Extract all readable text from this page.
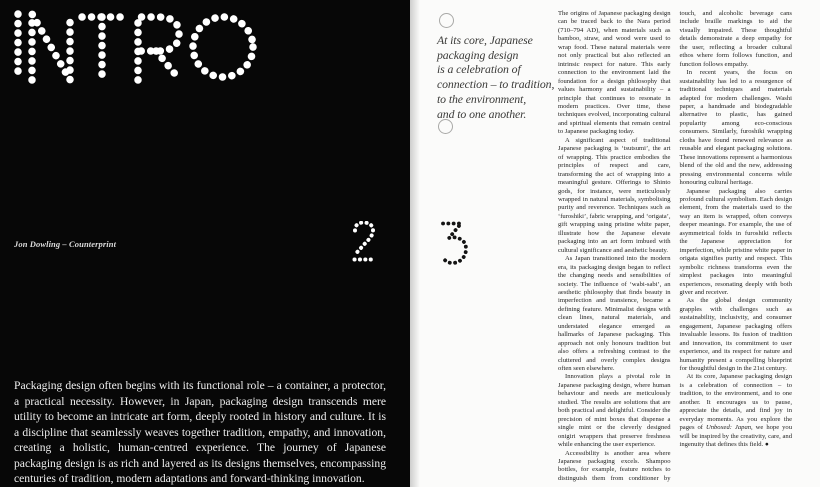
Jon Dowling – Counterprint
Packaging design often begins with its functional role – a container, a protector, a practical necessity. However, in Japan, packaging design transcends mere utility to become an intricate art form, deeply rooted in history and culture. It is a discipline that seamlessly weaves together tradition, empathy, and innovation, creating a holistic, human-centred experience. The journey of Japanese packaging design is as rich and layered as its designs themselves, encompassing centuries of tradition, modern adaptations and forward-thinking innovation.
At its core, Japanese
packaging design
is a celebration of
connection – to tradition,
to the environment,
and to one another.

The origins of Japanese packaging design can be traced back to the Nara period (710–794 AD), when materials such as bamboo, straw, and wood were used to wrap food. These natural materials were not only practical but also reflected an intrinsic respect for nature. This early connection to the environment laid the foundation for a design philosophy that values harmony and sustainability – a principle that continues to resonate in modern practices. Over time, these techniques evolved, incorporating cultural and spiritual elements that remain central to Japanese packaging today.

A significant aspect of traditional Japanese packaging is ‘tsutsumi’, the art of wrapping. This practice embodies the principles of respect and care, transforming the act of wrapping into a meaningful gesture. Offerings to Shinto gods, for instance, were meticulously wrapped in natural materials, symbolising purity and reverence. Techniques such as ‘furoshiki’, fabric wrapping, and ‘origata’, gift wrapping using pristine white paper, illustrate how the Japanese elevate packaging into an art form imbued with cultural significance and aesthetic beauty.

As Japan transitioned into the modern era, its packaging design began to reflect the changing needs and sensibilities of society. The influence of ‘wabi-sabi’, an aesthetic philosophy that finds beauty in imperfection and transience, became a defining feature. Minimalist designs with clean lines, natural materials, and understated elegance emerged as hallmarks of Japanese packaging. This approach not only honours tradition but also offers a refreshing contrast to the cluttered and overly complex designs often seen elsewhere.

Innovation plays a pivotal role in Japanese packaging design, where human behaviour and needs are meticulously studied. The results are solutions that are both practical and delightful. Consider the precision of mint boxes that dispense a single mint or the cleverly designed onigiri wrappers that preserve freshness while enhancing the user experience.

Accessibility is another area where Japanese packaging excels. Shampoo bottles, for example, feature notches to distinguish them from conditioner by touch, and alcoholic beverage cans include braille markings to aid the visually impaired. These thoughtful details demonstrate a deep empathy for the user, reflecting a broader cultural ethos where form follows function, and function follows empathy.

In recent years, the focus on sustainability has led to a resurgence of traditional techniques and materials adapted for modern challenges. Washi paper, a handmade and biodegradable alternative to plastic, has gained popularity among eco-conscious consumers. Similarly, furoshiki wrapping cloths have found renewed relevance as reusable and elegant packaging solutions. These innovations represent a harmonious blend of the old and the new, addressing pressing environmental concerns while honouring cultural heritage.

Japanese packaging also carries profound cultural symbolism. Each design element, from the materials used to the way an item is wrapped, often conveys deeper meanings. For example, the use of asymmetrical folds in furoshiki reflects the Japanese appreciation for imperfection, while pristine white paper in origata signifies purity and respect. This symbolic richness transforms even the simplest packages into meaningful experiences, resonating deeply with both giver and receiver.

As the global design community grapples with challenges such as sustainability, inclusivity, and consumer engagement, Japanese packaging offers invaluable lessons. Its fusion of tradition and innovation, its commitment to user experience, and its respect for nature and humanity present a compelling blueprint for thoughtful design in the 21st century.

At its core, Japanese packaging design is a celebration of connection – to tradition, to the environment, and to one another. It encourages us to pause, appreciate the details, and find joy in everyday moments. As you explore the pages of Unboxed: Japan, we hope you will be inspired by the creativity, care, and ingenuity that defines this field. ●
